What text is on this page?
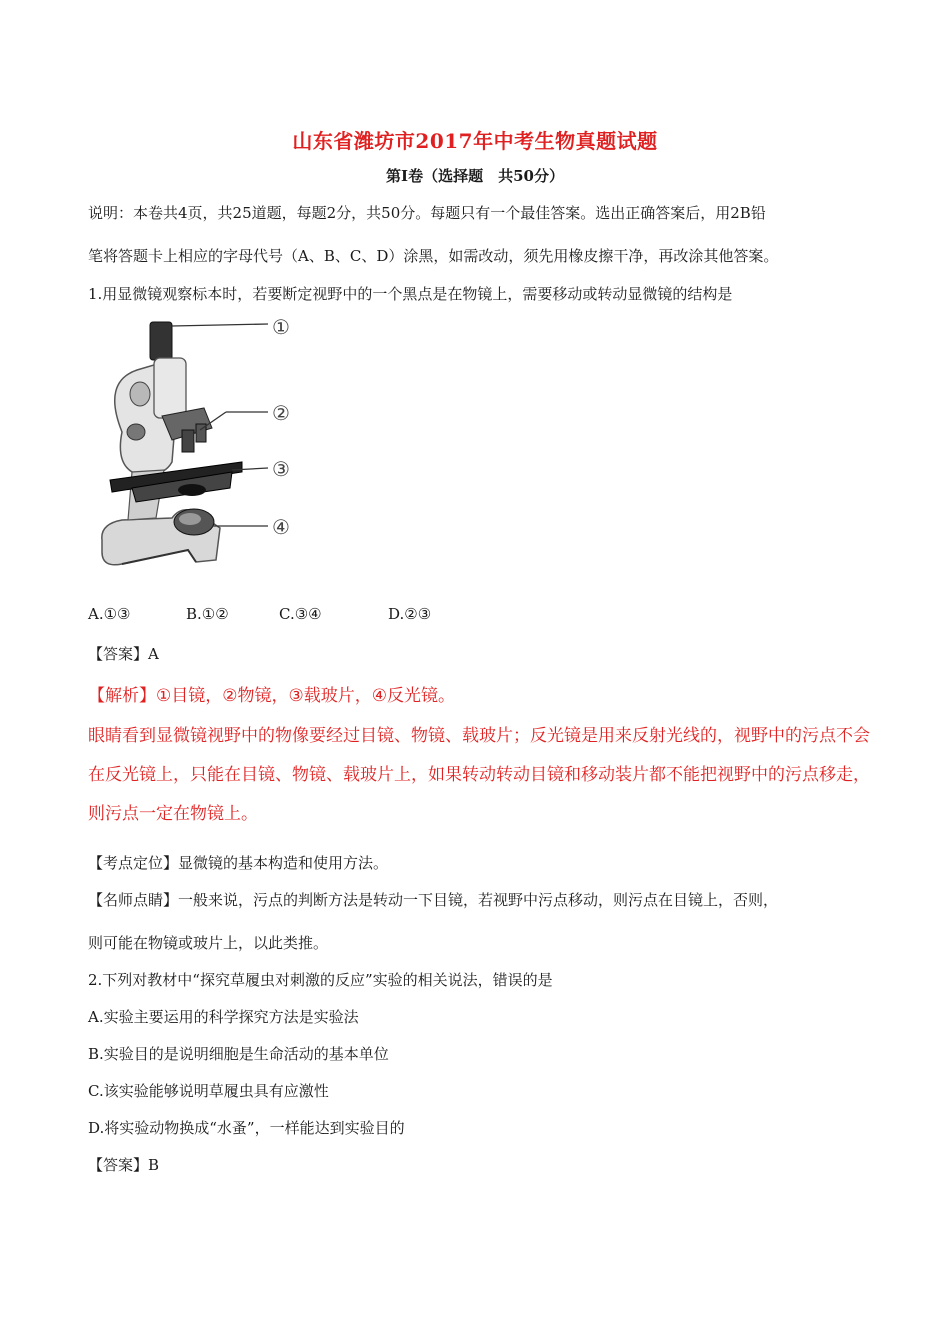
山东省潍坊市2017年中考生物真题试题
第Ⅰ卷（选择题　共50分）
说明：本卷共4页，共25道题，每题2分，共50分。每题只有一个最佳答案。选出正确答案后，用2B铅
笔将答题卡上相应的字母代号（A、B、C、D）涂黑，如需改动，须先用橡皮擦干净，再改涂其他答案。
1.用显微镜观察标本时，若要断定视野中的一个黑点是在物镜上，需要移动或转动显微镜的结构是
①
②
③
④
A.①③	B.①②	C.③④	D.②③
【答案】A
【解析】①目镜，②物镜，③载玻片，④反光镜。
眼睛看到显微镜视野中的物像要经过目镜、物镜、载玻片；反光镜是用来反射光线的，视野中的污点不会
在反光镜上，只能在目镜、物镜、载玻片上，如果转动转动目镜和移动装片都不能把视野中的污点移走，
则污点一定在物镜上。
【考点定位】显微镜的基本构造和使用方法。
【名师点睛】一般来说，污点的判断方法是转动一下目镜，若视野中污点移动，则污点在目镜上，否则，
则可能在物镜或玻片上，以此类推。
2.下列对教材中“探究草履虫对刺激的反应”实验的相关说法，错误的是
A.实验主要运用的科学探究方法是实验法
B.实验目的是说明细胞是生命活动的基本单位
C.该实验能够说明草履虫具有应激性
D.将实验动物换成“水蚤”，一样能达到实验目的
【答案】B
